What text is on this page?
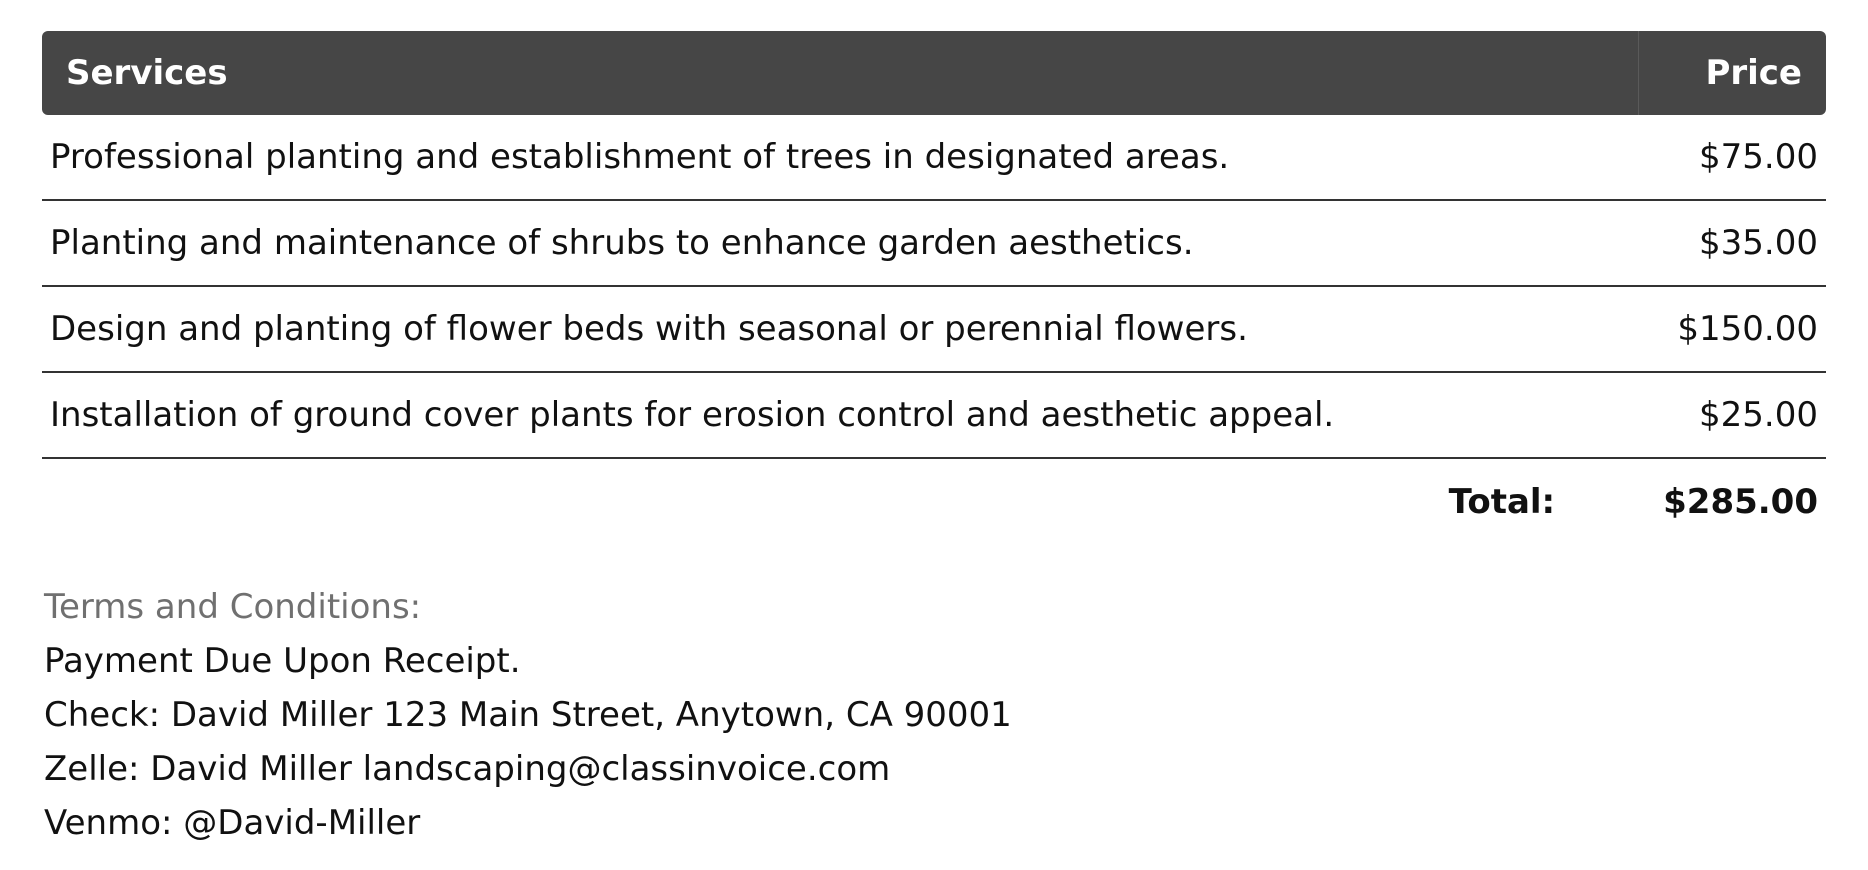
Services	Price
Professional planting and establishment of trees in designated areas.	$75.00
Planting and maintenance of shrubs to enhance garden aesthetics.	$35.00
Design and planting of flower beds with seasonal or perennial flowers.	$150.00
Installation of ground cover plants for erosion control and aesthetic appeal.	$25.00
Total:	$285.00
Terms and Conditions:
Payment Due Upon Receipt.
Check: David Miller 123 Main Street, Anytown, CA 90001
Zelle: David Miller landscaping@classinvoice.com
Venmo: @David-Miller
